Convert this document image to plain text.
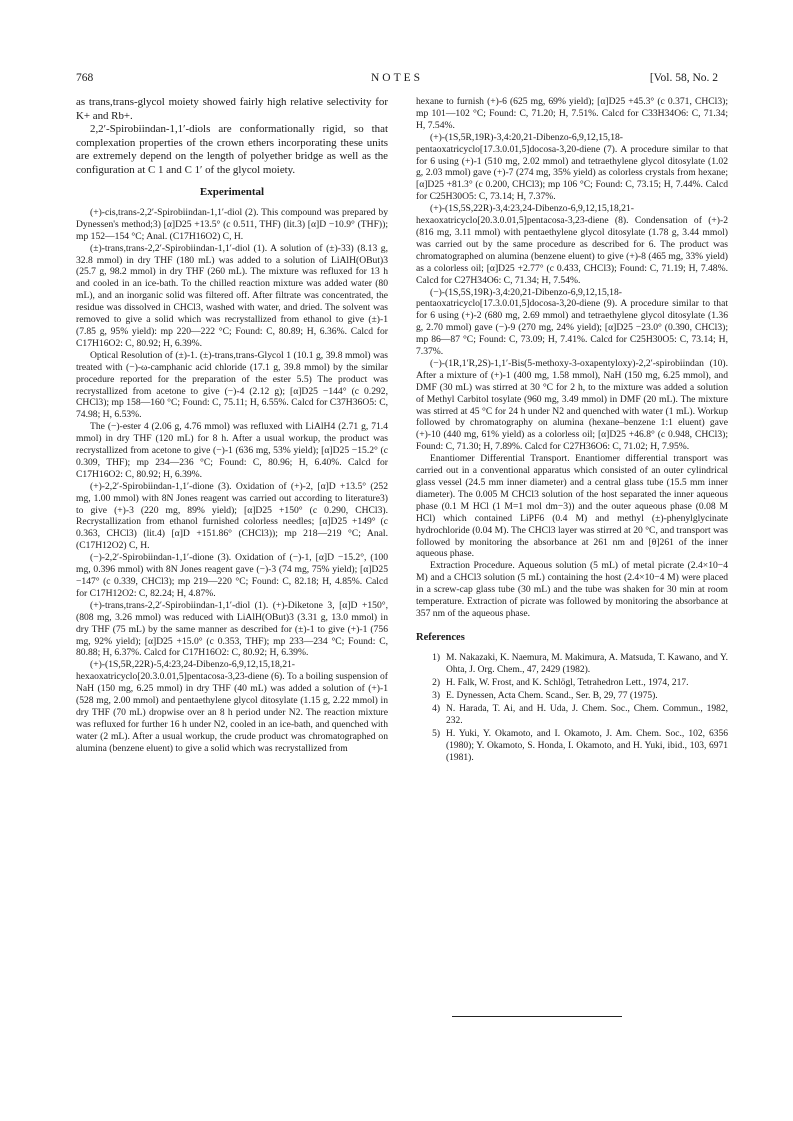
768	NOTES	[Vol. 58, No. 2

as trans,trans-glycol moiety showed fairly high relative selectivity for K+ and Rb+.

2,2′-Spirobiindan-1,1′-diols are conformationally rigid, so that complexation properties of the crown ethers incorporating these units are extremely depend on the length of polyether bridge as well as the configuration at C 1 and C 1′ of the glycol moiety.

Experimental

(+)-cis,trans-2,2′-Spirobiindan-1,1′-diol (2). This compound was prepared by Dynessen's method;3) [α]D25 +13.5° (c 0.511, THF) (lit.3) [α]D −10.9° (THF)); mp 152—154 °C; Anal. (C17H16O2) C, H.

(±)-trans,trans-2,2′-Spirobiindan-1,1′-diol (1). A solution of (±)-33) (8.13 g, 32.8 mmol) in dry THF (180 mL) was added to a solution of LiAlH(OBut)3 (25.7 g, 98.2 mmol) in dry THF (260 mL). The mixture was refluxed for 13 h and cooled in an ice-bath. To the chilled reaction mixture was added water (80 mL), and an inorganic solid was filtered off. After filtrate was concentrated, the residue was dissolved in CHCl3, washed with water, and dried. The solvent was removed to give a solid which was recrystallized from ethanol to give (±)-1 (7.85 g, 95% yield): mp 220—222 °C; Found: C, 80.89; H, 6.36%. Calcd for C17H16O2: C, 80.92; H, 6.39%.

Optical Resolution of (±)-1. (±)-trans,trans-Glycol 1 (10.1 g, 39.8 mmol) was treated with (−)-ω-camphanic acid chloride (17.1 g, 39.8 mmol) by the similar procedure reported for the preparation of the ester 5.5) The product was recrystallized from acetone to give (−)-4 (2.12 g); [α]D25 −144° (c 0.292, CHCl3); mp 158—160 °C; Found: C, 75.11; H, 6.55%. Calcd for C37H36O5: C, 74.98; H, 6.53%.

The (−)-ester 4 (2.06 g, 4.76 mmol) was refluxed with LiAlH4 (2.71 g, 71.4 mmol) in dry THF (120 mL) for 8 h. After a usual workup, the product was recrystallized from acetone to give (−)-1 (636 mg, 53% yield); [α]D25 −15.2° (c 0.309, THF); mp 234—236 °C; Found: C, 80.96; H, 6.40%. Calcd for C17H16O2: C, 80.92; H, 6.39%.

(+)-2,2′-Spirobiindan-1,1′-dione (3). Oxidation of (+)-2, [α]D +13.5° (252 mg, 1.00 mmol) with 8N Jones reagent was carried out according to literature3) to give (+)-3 (220 mg, 89% yield); [α]D25 +150° (c 0.290, CHCl3). Recrystallization from ethanol furnished colorless needles; [α]D25 +149° (c 0.363, CHCl3) (lit.4) [α]D +151.86° (CHCl3)); mp 218—219 °C; Anal. (C17H12O2) C, H.

(−)-2,2′-Spirobiindan-1,1′-dione (3). Oxidation of (−)-1, [α]D −15.2°, (100 mg, 0.396 mmol) with 8N Jones reagent gave (−)-3 (74 mg, 75% yield); [α]D25 −147° (c 0.339, CHCl3); mp 219—220 °C; Found: C, 82.18; H, 4.85%. Calcd for C17H12O2: C, 82.24; H, 4.87%.

(+)-trans,trans-2,2′-Spirobiindan-1,1′-diol (1). (+)-Diketone 3, [α]D +150°, (808 mg, 3.26 mmol) was reduced with LiAlH(OBut)3 (3.31 g, 13.0 mmol) in dry THF (75 mL) by the same manner as described for (±)-1 to give (+)-1 (756 mg, 92% yield); [α]D25 +15.0° (c 0.353, THF); mp 233—234 °C; Found: C, 80.88; H, 6.37%. Calcd for C17H16O2: C, 80.92; H, 6.39%.

(+)-(1S,5R,22R)-5,4:23,24-Dibenzo-6,9,12,15,18,21-hexaoxatricyclo[20.3.0.01,5]pentacosa-3,23-diene (6). To a boiling suspension of NaH (150 mg, 6.25 mmol) in dry THF (40 mL) was added a solution of (+)-1 (528 mg, 2.00 mmol) and pentaethylene glycol ditosylate (1.15 g, 2.22 mmol) in dry THF (70 mL) dropwise over an 8 h period under N2. The reaction mixture was refluxed for further 16 h under N2, cooled in an ice-bath, and quenched with water (2 mL). After a usual workup, the crude product was chromatographed on alumina (benzene eluent) to give a solid which was recrystallized from

hexane to furnish (+)-6 (625 mg, 69% yield); [α]D25 +45.3° (c 0.371, CHCl3); mp 101—102 °C; Found: C, 71.20; H, 7.51%. Calcd for C33H34O6: C, 71.34; H, 7.54%.

(+)-(1S,5R,19R)-3,4:20,21-Dibenzo-6,9,12,15,18-pentaoxatricyclo[17.3.0.01,5]docosa-3,20-diene (7). A procedure similar to that for 6 using (+)-1 (510 mg, 2.02 mmol) and tetraethylene glycol ditosylate (1.02 g, 2.03 mmol) gave (+)-7 (274 mg, 35% yield) as colorless crystals from hexane; [α]D25 +81.3° (c 0.200, CHCl3); mp 106 °C; Found: C, 73.15; H, 7.44%. Calcd for C25H30O5: C, 73.14; H, 7.37%.

(+)-(1S,5S,22R)-3,4:23,24-Dibenzo-6,9,12,15,18,21-hexaoxatricyclo[20.3.0.01,5]pentacosa-3,23-diene (8). Condensation of (+)-2 (816 mg, 3.11 mmol) with pentaethylene glycol ditosylate (1.78 g, 3.44 mmol) was carried out by the same procedure as described for 6. The product was chromatographed on alumina (benzene eluent) to give (+)-8 (465 mg, 33% yield) as a colorless oil; [α]D25 +2.77° (c 0.433, CHCl3); Found: C, 71.19; H, 7.48%. Calcd for C27H34O6: C, 71.34; H, 7.54%.

(−)-(1S,5S,19R)-3,4:20,21-Dibenzo-6,9,12,15,18-pentaoxatricyclo[17.3.0.01,5]docosa-3,20-diene (9). A procedure similar to that for 6 using (+)-2 (680 mg, 2.69 mmol) and tetraethylene glycol ditosylate (1.36 g, 2.70 mmol) gave (−)-9 (270 mg, 24% yield); [α]D25 −23.0° (0.390, CHCl3); mp 86—87 °C; Found: C, 73.09; H, 7.41%. Calcd for C25H30O5: C, 73.14; H, 7.37%.

(−)-(1R,1′R,2S)-1,1′-Bis(5-methoxy-3-oxapentyloxy)-2,2′-spirobiindan (10). After a mixture of (+)-1 (400 mg, 1.58 mmol), NaH (150 mg, 6.25 mmol), and DMF (30 mL) was stirred at 30 °C for 2 h, to the mixture was added a solution of Methyl Carbitol tosylate (960 mg, 3.49 mmol) in DMF (20 mL). The mixture was stirred at 45 °C for 24 h under N2 and quenched with water (1 mL). Workup followed by chromatography on alumina (hexane–benzene 1:1 eluent) gave (+)-10 (440 mg, 61% yield) as a colorless oil; [α]D25 +46.8° (c 0.948, CHCl3); Found: C, 71.30; H, 7.89%. Calcd for C27H36O6: C, 71.02; H, 7.95%.

Enantiomer Differential Transport. Enantiomer differential transport was carried out in a conventional apparatus which consisted of an outer cylindrical glass vessel (24.5 mm inner diameter) and a central glass tube (15.5 mm inner diameter). The 0.005 M CHCl3 solution of the host separated the inner aqueous phase (0.1 M HCl (1 M=1 mol dm−3)) and the outer aqueous phase (0.08 M HCl) which contained LiPF6 (0.4 M) and methyl (±)-phenylglycinate hydrochloride (0.04 M). The CHCl3 layer was stirred at 20 °C, and transport was followed by monitoring the absorbance at 261 nm and [θ]261 of the inner aqueous phase.

Extraction Procedure. Aqueous solution (5 mL) of metal picrate (2.4×10−4 M) and a CHCl3 solution (5 mL) containing the host (2.4×10−4 M) were placed in a screw-cap glass tube (30 mL) and the tube was shaken for 30 min at room temperature. Extraction of picrate was followed by monitoring the absorbance at 357 nm of the aqueous phase.

References
1) M. Nakazaki, K. Naemura, M. Makimura, A. Matsuda, T. Kawano, and Y. Ohta, J. Org. Chem., 47, 2429 (1982).
2) H. Falk, W. Frost, and K. Schlögl, Tetrahedron Lett., 1974, 217.
3) E. Dynessen, Acta Chem. Scand., Ser. B, 29, 77 (1975).
4) N. Harada, T. Ai, and H. Uda, J. Chem. Soc., Chem. Commun., 1982, 232.
5) H. Yuki, Y. Okamoto, and I. Okamoto, J. Am. Chem. Soc., 102, 6356 (1980); Y. Okamoto, S. Honda, I. Okamoto, and H. Yuki, ibid., 103, 6971 (1981).
